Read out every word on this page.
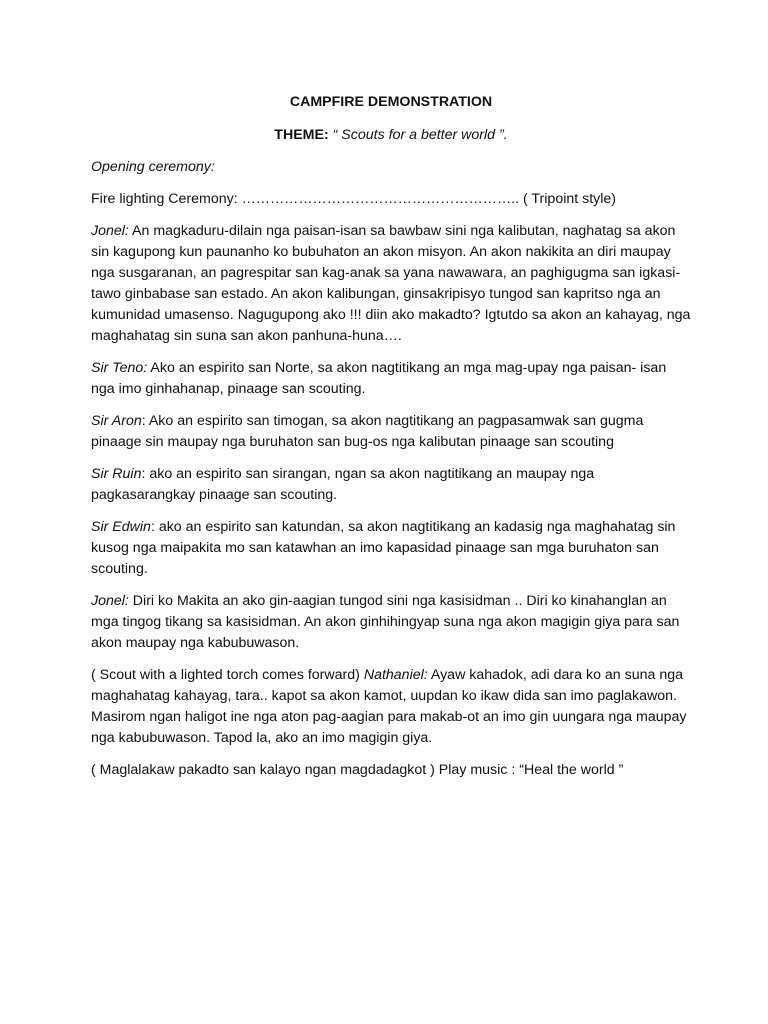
CAMPFIRE DEMONSTRATION

THEME: “ Scouts for a better world ”.

Opening ceremony:

Fire lighting Ceremony: ………………………………………………….. ( Tripoint style)

Jonel: An magkaduru-dilain nga paisan-isan sa bawbaw sini nga kalibutan, naghatag sa akon sin kagupong kun paunanho ko bubuhaton an akon misyon. An akon nakikita an diri maupay nga susgaranan, an pagrespitar san kag-anak sa yana nawawara, an paghigugma san igkasi-tawo ginbabase san estado. An akon kalibungan, ginsakripisyo tungod san kapritso nga an kumunidad umasenso. Nagugupong ako !!! diin ako makadto? Igtutdo sa akon an kahayag, nga maghahatag sin suna san akon panhuna-huna….

Sir Teno: Ako an espirito san Norte, sa akon nagtitikang an mga mag-upay nga paisan- isan nga imo ginhahanap, pinaage san scouting.

Sir Aron: Ako an espirito san timogan, sa akon nagtitikang an pagpasamwak san gugma pinaage sin maupay nga buruhaton san bug-os nga kalibutan pinaage san scouting

Sir Ruin: ako an espirito san sirangan, ngan sa akon nagtitikang an maupay nga pagkasarangkay pinaage san scouting.

Sir Edwin: ako an espirito san katundan, sa akon nagtitikang an kadasig nga maghahatag sin kusog nga maipakita mo san katawhan an imo kapasidad pinaage san mga buruhaton san scouting.

Jonel: Diri ko Makita an ako gin-aagian tungod sini nga kasisidman .. Diri ko kinahanglan an mga tingog tikang sa kasisidman. An akon ginhihingyap suna nga akon magigin giya para san akon maupay nga kabubuwason.

( Scout with a lighted torch comes forward) Nathaniel: Ayaw kahadok, adi dara ko an suna nga maghahatag kahayag, tara.. kapot sa akon kamot, uupdan ko ikaw dida san imo paglakawon. Masirom ngan haligot ine nga aton pag-aagian para makab-ot an imo gin uungara nga maupay nga kabubuwason. Tapod la, ako an imo magigin giya.

( Maglalakaw pakadto san kalayo ngan magdadagkot ) Play music : “Heal the world ”
